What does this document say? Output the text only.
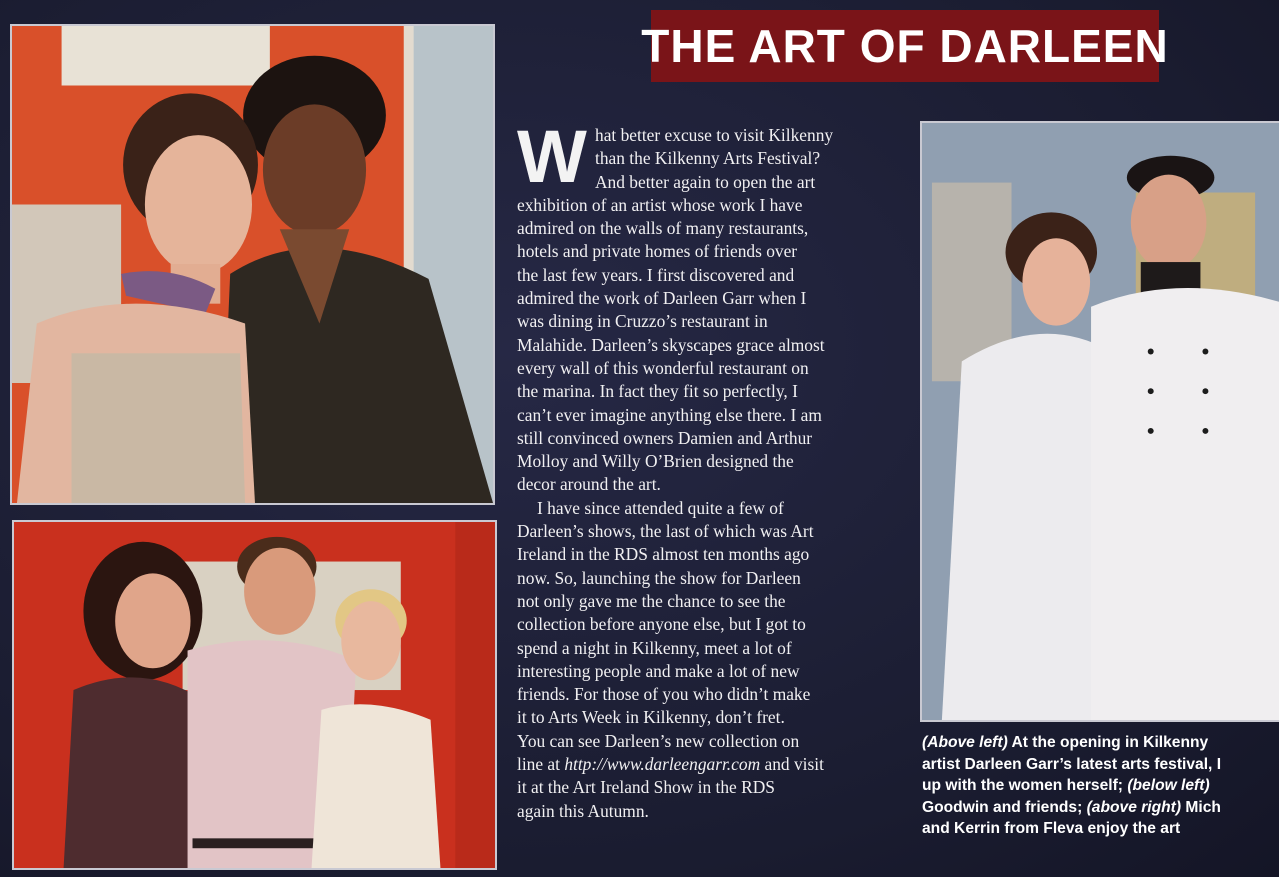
THE ART OF DARLEEN
W hat better excuse to visit Kilkenny
than the Kilkenny Arts Festival?
And better again to open the art
exhibition of an artist whose work I have
admired on the walls of many restaurants,
hotels and private homes of friends over
the last few years. I first discovered and
admired the work of Darleen Garr when I
was dining in Cruzzo’s restaurant in
Malahide. Darleen’s skyscapes grace almost
every wall of this wonderful restaurant on
the marina. In fact they fit so perfectly, I
can’t ever imagine anything else there. I am
still convinced owners Damien and Arthur
Molloy and Willy O’Brien designed the
decor around the art.
I have since attended quite a few of
Darleen’s shows, the last of which was Art
Ireland in the RDS almost ten months ago
now. So, launching the show for Darleen
not only gave me the chance to see the
collection before anyone else, but I got to
spend a night in Kilkenny, meet a lot of
interesting people and make a lot of new
friends. For those of you who didn’t make
it to Arts Week in Kilkenny, don’t fret.
You can see Darleen’s new collection on
line at http://www.darleengarr.com and visit
it at the Art Ireland Show in the RDS
again this Autumn.
(Above left) At the opening in Kilkenny
artist Darleen Garr’s latest arts festival, I
up with the women herself; (below left)
Goodwin and friends; (above right) Mich
and Kerrin from Fleva enjoy the art
